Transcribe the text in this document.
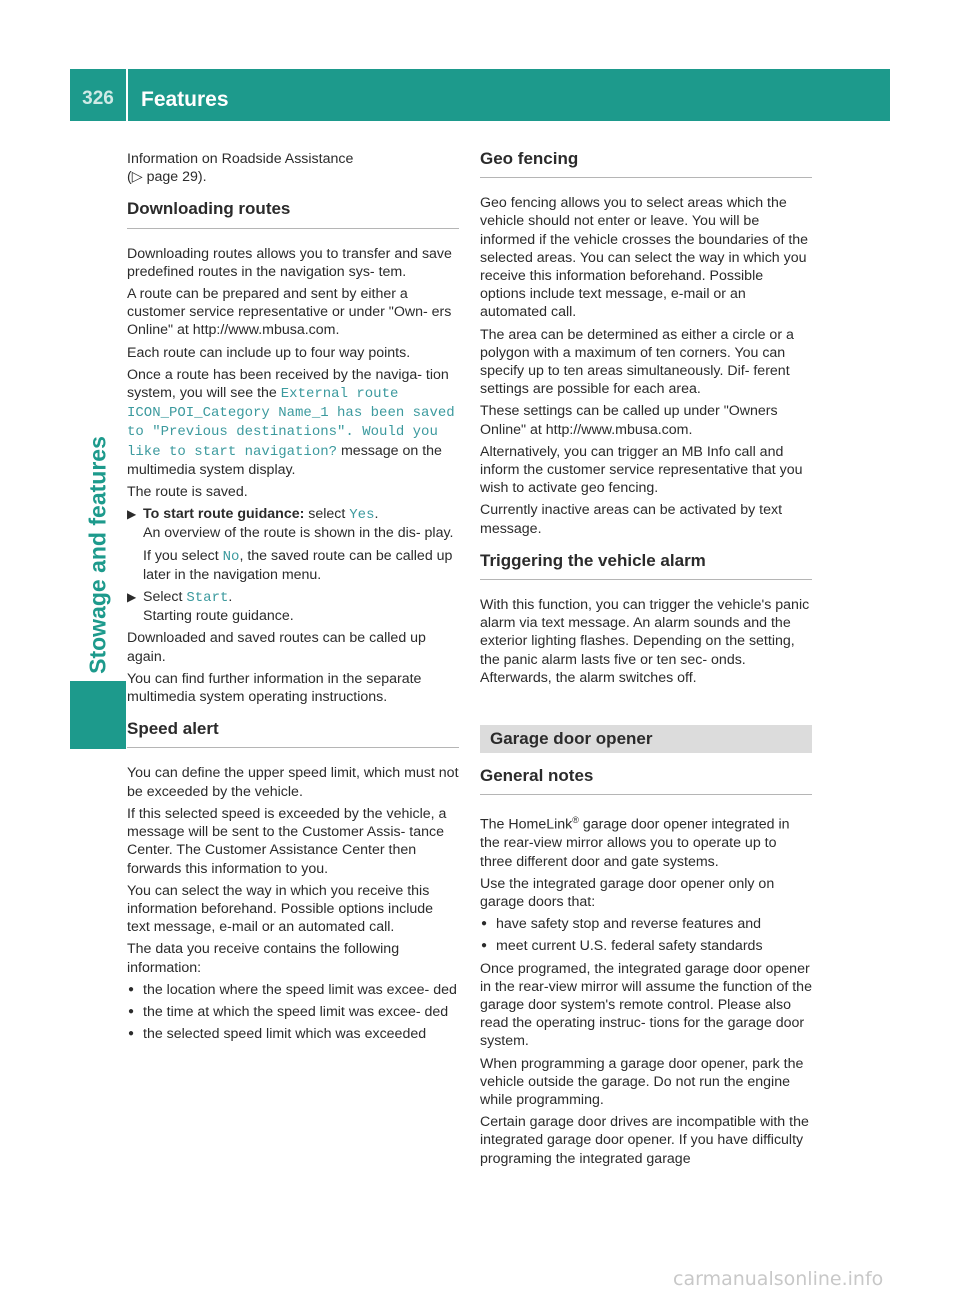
326	Features
Stowage and features

Information on Roadside Assistance
(▷ page 29).

Downloading routes

Downloading routes allows you to transfer and save predefined routes in the navigation sys- tem.

A route can be prepared and sent by either a customer service representative or under "Own- ers Online" at http://www.mbusa.com.

Each route can include up to four way points.

Once a route has been received by the naviga- tion system, you will see the External route ICON_POI_Category Name_1 has been saved to "Previous destinations". Would you like to start navigation? message on the multimedia system display.

The route is saved.

▶ To start route guidance: select Yes.
An overview of the route is shown in the dis- play.

If you select No, the saved route can be called up later in the navigation menu.

▶ Select Start.
Starting route guidance.

Downloaded and saved routes can be called up again.

You can find further information in the separate multimedia system operating instructions.

Speed alert

You can define the upper speed limit, which must not be exceeded by the vehicle.

If this selected speed is exceeded by the vehicle, a message will be sent to the Customer Assis- tance Center. The Customer Assistance Center then forwards this information to you.

You can select the way in which you receive this information beforehand. Possible options include text message, e-mail or an automated call.

The data you receive contains the following information:

● the location where the speed limit was excee- ded

● the time at which the speed limit was excee- ded

● the selected speed limit which was exceeded

Geo fencing

Geo fencing allows you to select areas which the vehicle should not enter or leave. You will be informed if the vehicle crosses the boundaries of the selected areas. You can select the way in which you receive this information beforehand. Possible options include text message, e-mail or an automated call.

The area can be determined as either a circle or a polygon with a maximum of ten corners. You can specify up to ten areas simultaneously. Dif- ferent settings are possible for each area.

These settings can be called up under "Owners Online" at http://www.mbusa.com.

Alternatively, you can trigger an MB Info call and inform the customer service representative that you wish to activate geo fencing.

Currently inactive areas can be activated by text message.

Triggering the vehicle alarm

With this function, you can trigger the vehicle's panic alarm via text message. An alarm sounds and the exterior lighting flashes. Depending on the setting, the panic alarm lasts five or ten sec- onds. Afterwards, the alarm switches off.

Garage door opener
General notes

The HomeLink® garage door opener integrated in the rear-view mirror allows you to operate up to three different door and gate systems.

Use the integrated garage door opener only on garage doors that:

● have safety stop and reverse features and

● meet current U.S. federal safety standards

Once programed, the integrated garage door opener in the rear-view mirror will assume the function of the garage door system's remote control. Please also read the operating instruc- tions for the garage door system.

When programming a garage door opener, park the vehicle outside the garage. Do not run the engine while programming.

Certain garage door drives are incompatible with the integrated garage door opener. If you have difficulty programing the integrated garage

carmanualsonline.info
